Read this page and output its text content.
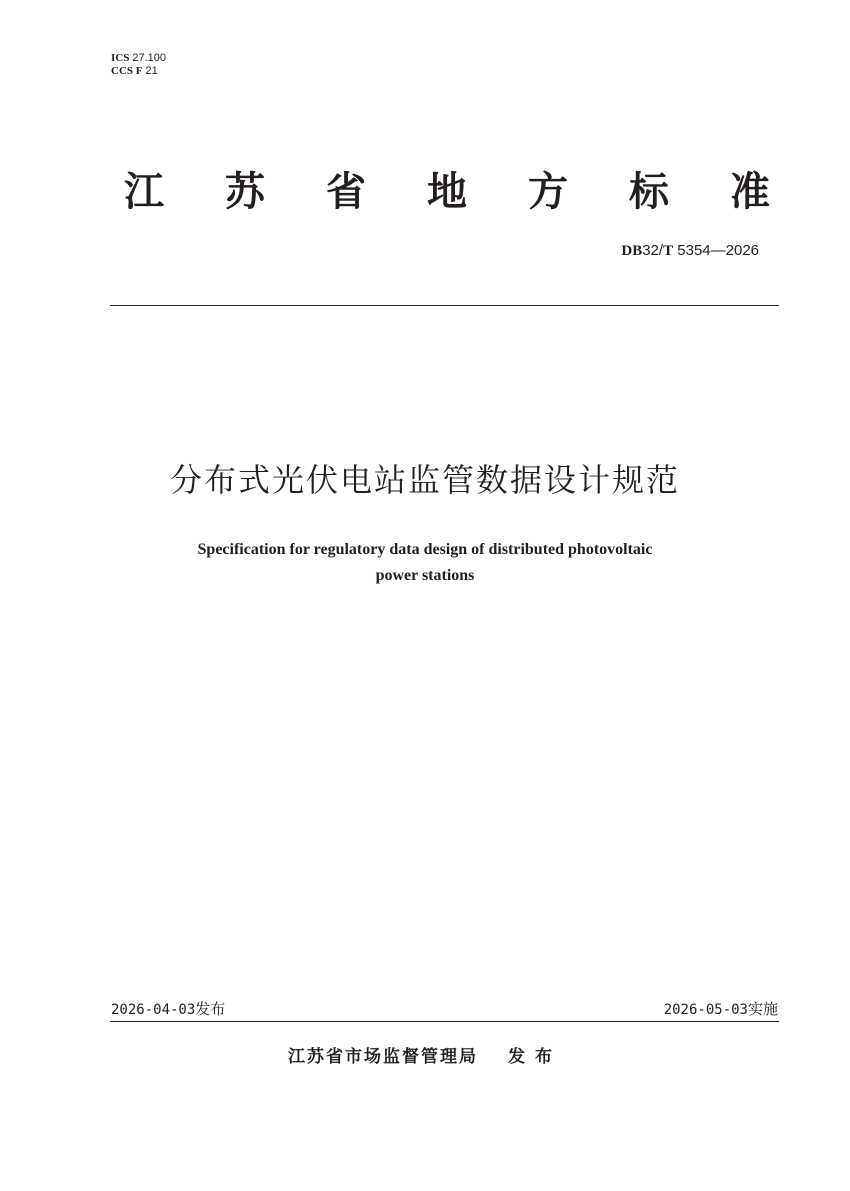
ICS 27.100
CCS F 21
江 苏 省 地 方 标 准
DB32/T 5354—2026
分布式光伏电站监管数据设计规范
Specification for regulatory data design of distributed photovoltaic
power stations
2026-04-03发布	2026-05-03实施
江苏省市场监督管理局 发布
